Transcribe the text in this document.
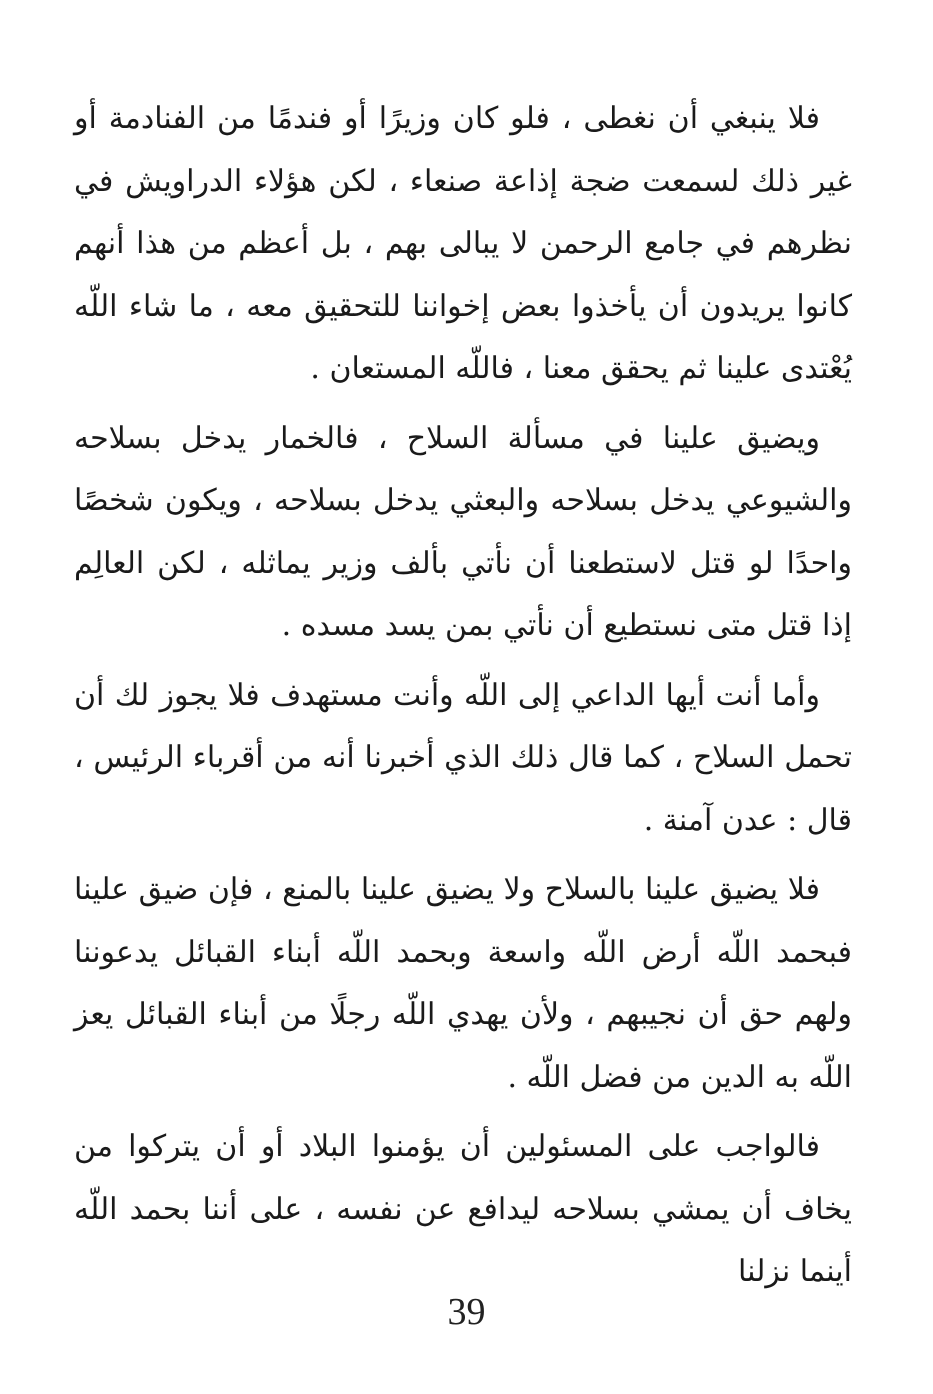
فلا ينبغي أن نغطى ، فلو كان وزيرًا أو فندمًا من الفنادمة أو غير ذلك لسمعت ضجة إذاعة صنعاء ، لكن هؤلاء الدراويش في نظرهم في جامع الرحمن لا يبالى بهم ، بل أعظم من هذا أنهم كانوا يريدون أن يأخذوا بعض إخواننا للتحقيق معه ، ما شاء اللّه يُعْتدى علينا ثم يحقق معنا ، فاللّه المستعان .

ويضيق علينا في مسألة السلاح ، فالخمار يدخل بسلاحه والشيوعي يدخل بسلاحه والبعثي يدخل بسلاحه ، ويكون شخصًا واحدًا لو قتل لاستطعنا أن نأتي بألف وزير يماثله ، لكن العالِم إذا قتل متى نستطيع أن نأتي بمن يسد مسده .

وأما أنت أيها الداعي إلى اللّه وأنت مستهدف فلا يجوز لك أن تحمل السلاح ، كما قال ذلك الذي أخبرنا أنه من أقرباء الرئيس ، قال : عدن آمنة .

فلا يضيق علينا بالسلاح ولا يضيق علينا بالمنع ، فإن ضيق علينا فبحمد اللّه أرض اللّه واسعة وبحمد اللّه أبناء القبائل يدعوننا ولهم حق أن نجيبهم ، ولأن يهدي اللّه رجلًا من أبناء القبائل يعز اللّه به الدين من فضل اللّه .

فالواجب على المسئولين أن يؤمنوا البلاد أو أن يتركوا من يخاف أن يمشي بسلاحه ليدافع عن نفسه ، على أننا بحمد اللّه أينما نزلنا

39
